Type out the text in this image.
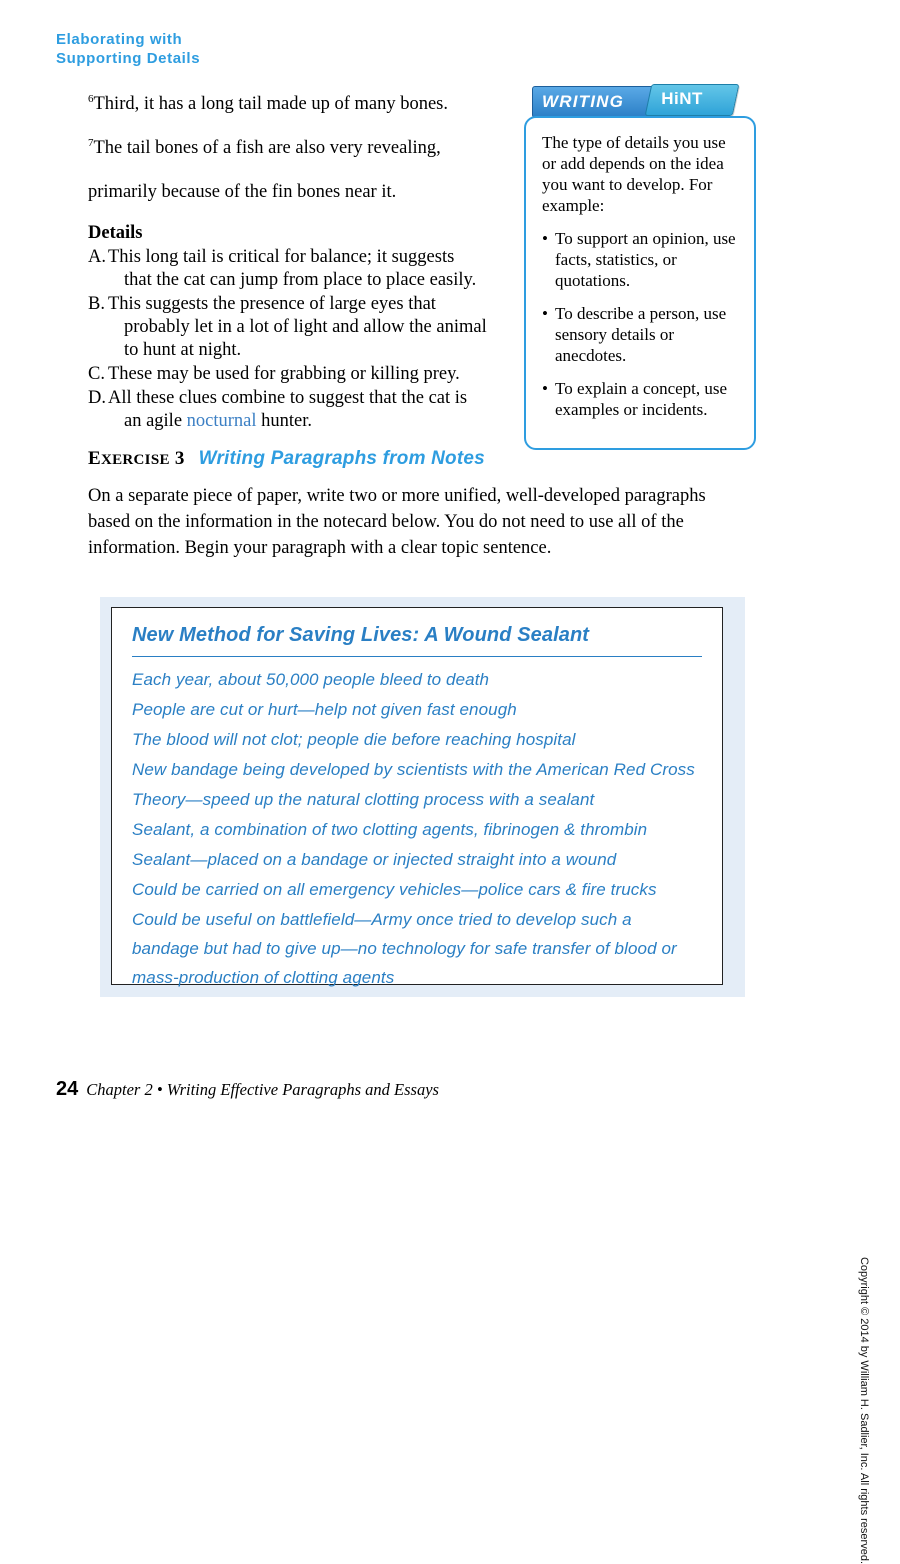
Elaborating with
Supporting Details

$^6$Third, it has a long tail made up of many bones.

$^7$The tail bones of a fish are also very revealing,

primarily because of the fin bones near it.

Details
A. This long tail is critical for balance; it suggests
that the cat can jump from place to place easily.
B. This suggests the presence of large eyes that
probably let in a lot of light and allow the animal
to hunt at night.
C. These may be used for grabbing or killing prey.
D. All these clues combine to suggest that the cat is
an agile nocturnal hunter.
WRITING HiNT

The type of details you use or add depends on the idea you want to develop. For example:

• To support an opinion, use facts, statistics, or quotations.
• To describe a person, use sensory details or anecdotes.
• To explain a concept, use examples or incidents.
EXERCISE 3 Writing Paragraphs from Notes
On a separate piece of paper, write two or more unified, well-developed paragraphs based on the information in the notecard below. You do not need to use all of the information. Begin your paragraph with a clear topic sentence.
New Method for Saving Lives: A Wound Sealant
Each year, about 50,000 people bleed to death
People are cut or hurt—help not given fast enough
The blood will not clot; people die before reaching hospital
New bandage being developed by scientists with the American Red Cross
Theory—speed up the natural clotting process with a sealant
Sealant, a combination of two clotting agents, fibrinogen & thrombin
Sealant—placed on a bandage or injected straight into a wound
Could be carried on all emergency vehicles—police cars & fire trucks
Could be useful on battlefield—Army once tried to develop such a
bandage but had to give up—no technology for safe transfer of blood or
mass-production of clotting agents
Copyright © 2014 by William H. Sadlier, Inc. All rights reserved.
24 Chapter 2 • Writing Effective Paragraphs and Essays
